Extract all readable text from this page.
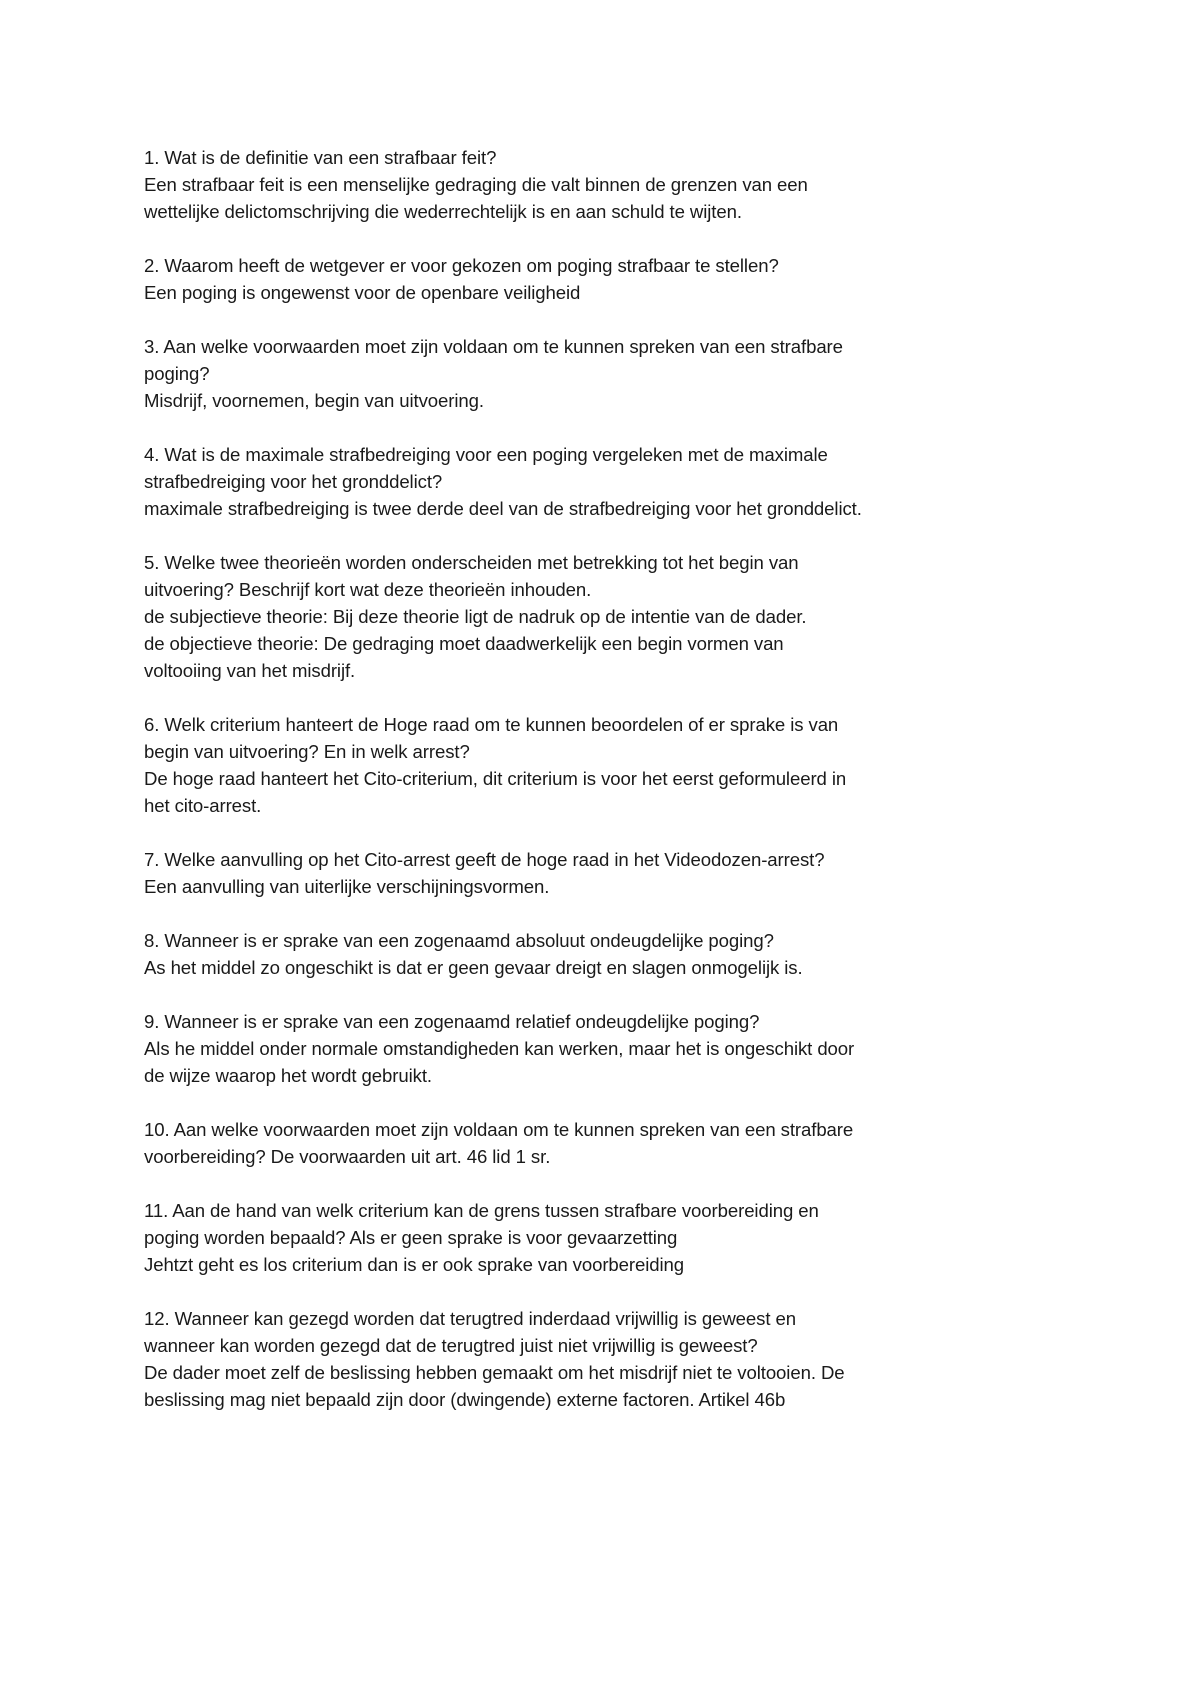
1. Wat is de definitie van een strafbaar feit?
Een strafbaar feit is een menselijke gedraging die valt binnen de grenzen van een
wettelijke delictomschrijving die wederrechtelijk is en aan schuld te wijten.
2. Waarom heeft de wetgever er voor gekozen om poging strafbaar te stellen?
Een poging is ongewenst voor de openbare veiligheid
3. Aan welke voorwaarden moet zijn voldaan om te kunnen spreken van een strafbare
poging?
Misdrijf, voornemen, begin van uitvoering.
4. Wat is de maximale strafbedreiging voor een poging vergeleken met de maximale
strafbedreiging voor het gronddelict?
maximale strafbedreiging is twee derde deel van de strafbedreiging voor het gronddelict.
5. Welke twee theorieën worden onderscheiden met betrekking tot het begin van
uitvoering? Beschrijf kort wat deze theorieën inhouden.
de subjectieve theorie: Bij deze theorie ligt de nadruk op de intentie van de dader.
de objectieve theorie: De gedraging moet daadwerkelijk een begin vormen van
voltooiing van het misdrijf.
6. Welk criterium hanteert de Hoge raad om te kunnen beoordelen of er sprake is van
begin van uitvoering? En in welk arrest?
De hoge raad hanteert het Cito-criterium, dit criterium is voor het eerst geformuleerd in
het cito-arrest.
7. Welke aanvulling op het Cito-arrest geeft de hoge raad in het Videodozen-arrest?
Een aanvulling van uiterlijke verschijningsvormen.
8. Wanneer is er sprake van een zogenaamd absoluut ondeugdelijke poging?
As het middel zo ongeschikt is dat er geen gevaar dreigt en slagen onmogelijk is.
9. Wanneer is er sprake van een zogenaamd relatief ondeugdelijke poging?
Als he middel onder normale omstandigheden kan werken, maar het is ongeschikt door
de wijze waarop het wordt gebruikt.
10. Aan welke voorwaarden moet zijn voldaan om te kunnen spreken van een strafbare
voorbereiding? De voorwaarden uit art. 46 lid 1 sr.
11. Aan de hand van welk criterium kan de grens tussen strafbare voorbereiding en
poging worden bepaald? Als er geen sprake is voor gevaarzetting
Jehtzt geht es los criterium dan is er ook sprake van voorbereiding
12. Wanneer kan gezegd worden dat terugtred inderdaad vrijwillig is geweest en
wanneer kan worden gezegd dat de terugtred juist niet vrijwillig is geweest?
De dader moet zelf de beslissing hebben gemaakt om het misdrijf niet te voltooien. De
beslissing mag niet bepaald zijn door (dwingende) externe factoren. Artikel 46b
